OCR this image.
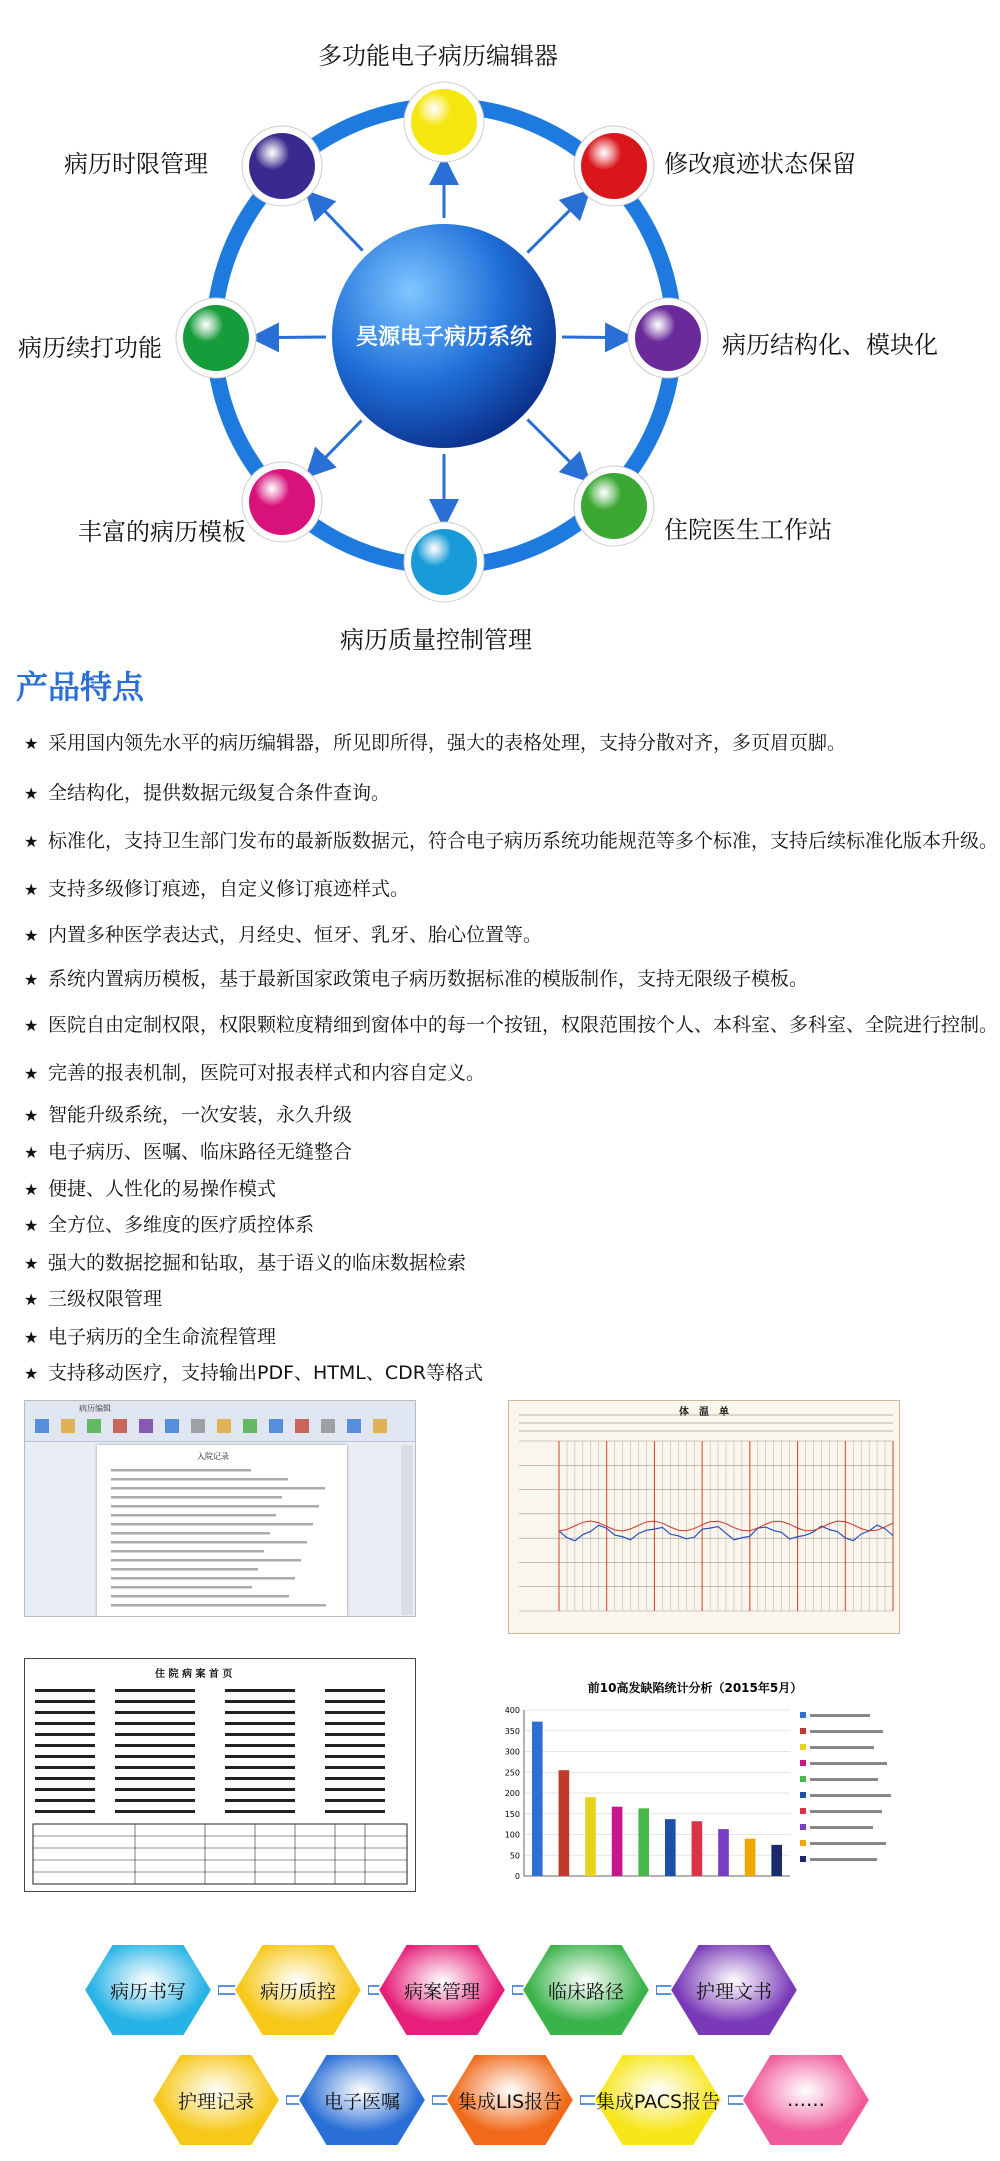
昊源电子病历系统
多功能电子病历编辑器
修改痕迹状态保留
病历结构化、模块化
住院医生工作站
病历质量控制管理
丰富的病历模板
病历续打功能
病历时限管理
产品特点
★ 采用国内领先水平的病历编辑器，所见即所得，强大的表格处理，支持分散对齐，多页眉页脚。
★ 全结构化，提供数据元级复合条件查询。
★ 标准化，支持卫生部门发布的最新版数据元，符合电子病历系统功能规范等多个标准，支持后续标准化版本升级。
★ 支持多级修订痕迹，自定义修订痕迹样式。
★ 内置多种医学表达式，月经史、恒牙、乳牙、胎心位置等。
★ 系统内置病历模板，基于最新国家政策电子病历数据标准的模版制作，支持无限级子模板。
★ 医院自由定制权限，权限颗粒度精细到窗体中的每一个按钮，权限范围按个人、本科室、多科室、全院进行控制。
★ 完善的报表机制，医院可对报表样式和内容自定义。
★ 智能升级系统，一次安装，永久升级
★ 电子病历、医嘱、临床路径无缝整合
★ 便捷、人性化的易操作模式
★ 全方位、多维度的医疗质控体系
★ 强大的数据挖掘和钻取，基于语义的临床数据检索
★ 三级权限管理
★ 电子病历的全生命流程管理
★ 支持移动医疗，支持输出PDF、HTML、CDR等格式
病历编辑
入院记录
体　温　单
住 院 病 案 首 页
前10高发缺陷统计分析（2015年5月）
0
50
100
150
200
250
300
350
400
病历书写	病历质控	病案管理	临床路径	护理文书
护理记录	电子医嘱	集成LIS报告	集成PACS报告	……
